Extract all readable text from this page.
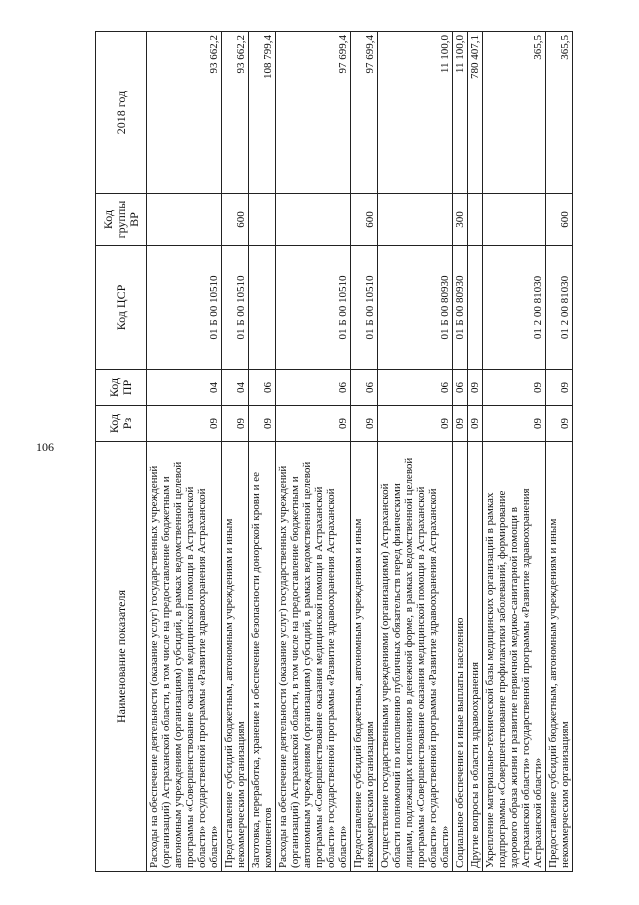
106
Наименование показателя	Код Рз	Код ПР	Код ЦСР	Код группы ВР	2018 год
Расходы на обеспечение деятельности (оказание услуг) государственных учреждений (организаций) Астраханской области, в том числе на предоставление бюджетным и автономным учреждениям (организациям) субсидий, в рамках ведомственной целевой программы «Совершенствование оказания медицинской помощи в Астраханской области» государственной программы «Развитие здравоохранения Астраханской области»	09	04	01 Б 00 10510		93 662,2
Предоставление субсидий бюджетным, автономным учреждениям и иным некоммерческим организациям	09	04	01 Б 00 10510	600	93 662,2
Заготовка, переработка, хранение и обеспечение безопасности донорской крови и ее компонентов	09	06			108 799,4
Расходы на обеспечение деятельности (оказание услуг) государственных учреждений (организаций) Астраханской области, в том числе на предоставление бюджетным и автономным учреждениям (организациям) субсидий, в рамках ведомственной целевой программы «Совершенствование оказания медицинской помощи в Астраханской области» государственной программы «Развитие здравоохранения Астраханской области»	09	06	01 Б 00 10510		97 699,4
Предоставление субсидий бюджетным, автономным учреждениям и иным некоммерческим организациям	09	06	01 Б 00 10510	600	97 699,4
Осуществление государственными учреждениями (организациями) Астраханской области полномочий по исполнению публичных обязательств перед физическими лицами, подлежащих исполнению в денежной форме, в рамках ведомственной целевой программы «Совершенствование оказания медицинской помощи в Астраханской области» государственной программы «Развитие здравоохранения Астраханской области»	09	06	01 Б 00 80930		11 100,0
Социальное обеспечение и иные выплаты населению	09	06	01 Б 00 80930	300	11 100,0
Другие вопросы в области здравоохранения	09	09			780 407,1
Укрепление материально-технической базы медицинских организаций в рамках подпрограммы «Совершенствование профилактики заболеваний, формирование здорового образа жизни и развитие первичной медико-санитарной помощи в Астраханской области» государственной программы «Развитие здравоохранения Астраханской области»	09	09	01 2 00 81030		365,5
Предоставление субсидий бюджетным, автономным учреждениям и иным некоммерческим организациям	09	09	01 2 00 81030	600	365,5
